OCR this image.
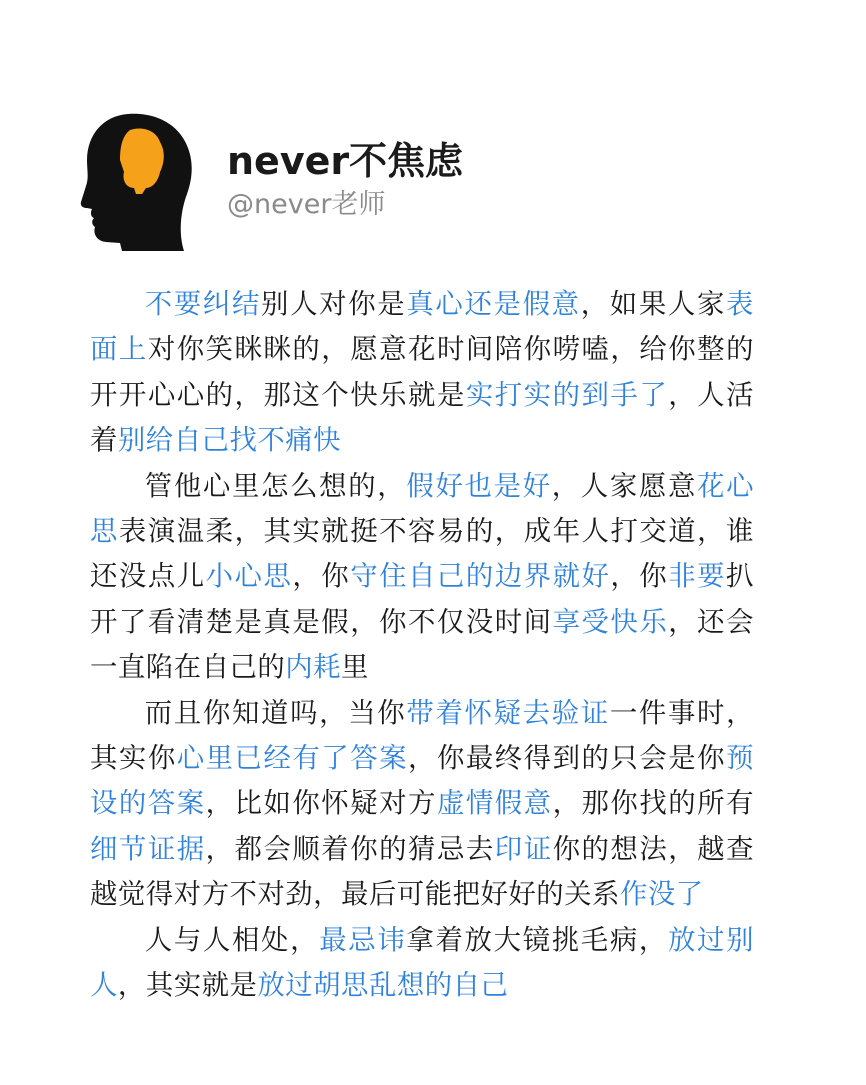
never不焦虑
@never老师

不要纠结别人对你是真心还是假意，如果人家表面上对你笑眯眯的，愿意花时间陪你唠嗑，给你整的开开心心的，那这个快乐就是实打实的到手了，人活着别给自己找不痛快

管他心里怎么想的，假好也是好，人家愿意花心思表演温柔，其实就挺不容易的，成年人打交道，谁还没点儿小心思，你守住自己的边界就好，你非要扒开了看清楚是真是假，你不仅没时间享受快乐，还会一直陷在自己的内耗里

而且你知道吗，当你带着怀疑去验证一件事时，其实你心里已经有了答案，你最终得到的只会是你预设的答案，比如你怀疑对方虚情假意，那你找的所有细节证据，都会顺着你的猜忌去印证你的想法，越查越觉得对方不对劲，最后可能把好好的关系作没了

人与人相处，最忌讳拿着放大镜挑毛病，放过别人，其实就是放过胡思乱想的自己
